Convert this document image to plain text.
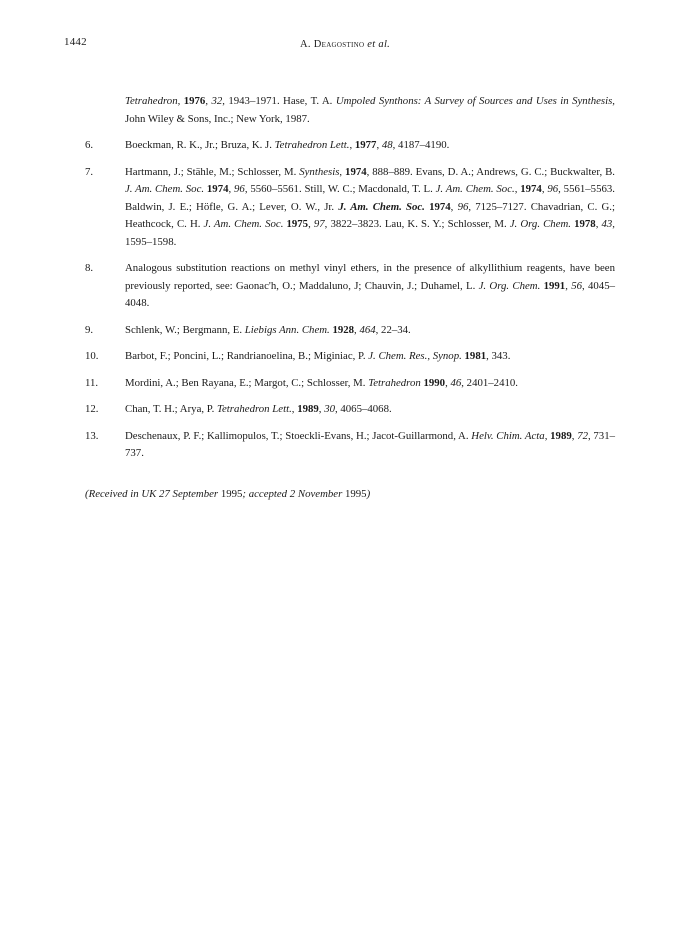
1442	A. Deagostino et al.
Tetrahedron, 1976, 32, 1943–1971. Hase, T. A. Umpoled Synthons: A Survey of Sources and Uses in Synthesis, John Wiley & Sons, Inc.; New York, 1987.
6.	Boeckman, R. K., Jr.; Bruza, K. J. Tetrahedron Lett., 1977, 48, 4187–4190.
7.	Hartmann, J.; Stähle, M.; Schlosser, M. Synthesis, 1974, 888–889. Evans, D. A.; Andrews, G. C.; Buckwalter, B. J. Am. Chem. Soc. 1974, 96, 5560–5561. Still, W. C.; Macdonald, T. L. J. Am. Chem. Soc., 1974, 96, 5561–5563. Baldwin, J. E.; Höfle, G. A.; Lever, O. W., Jr. J. Am. Chem. Soc. 1974, 96, 7125–7127. Chavadrian, C. G.; Heathcock, C. H. J. Am. Chem. Soc. 1975, 97, 3822–3823. Lau, K. S. Y.; Schlosser, M. J. Org. Chem. 1978, 43, 1595–1598.
8.	Analogous substitution reactions on methyl vinyl ethers, in the presence of alkyllithium reagents, have been previously reported, see: Gaonac'h, O.; Maddaluno, J; Chauvin, J.; Duhamel, L. J. Org. Chem. 1991, 56, 4045–4048.
9.	Schlenk, W.; Bergmann, E. Liebigs Ann. Chem. 1928, 464, 22–34.
10.	Barbot, F.; Poncini, L.; Randrianoelina, B.; Miginiac, P. J. Chem. Res., Synop. 1981, 343.
11.	Mordini, A.; Ben Rayana, E.; Margot, C.; Schlosser, M. Tetrahedron 1990, 46, 2401–2410.
12.	Chan, T. H.; Arya, P. Tetrahedron Lett., 1989, 30, 4065–4068.
13.	Deschenaux, P. F.; Kallimopulos, T.; Stoeckli-Evans, H.; Jacot-Guillarmond, A. Helv. Chim. Acta, 1989, 72, 731–737.
(Received in UK 27 September 1995; accepted 2 November 1995)
